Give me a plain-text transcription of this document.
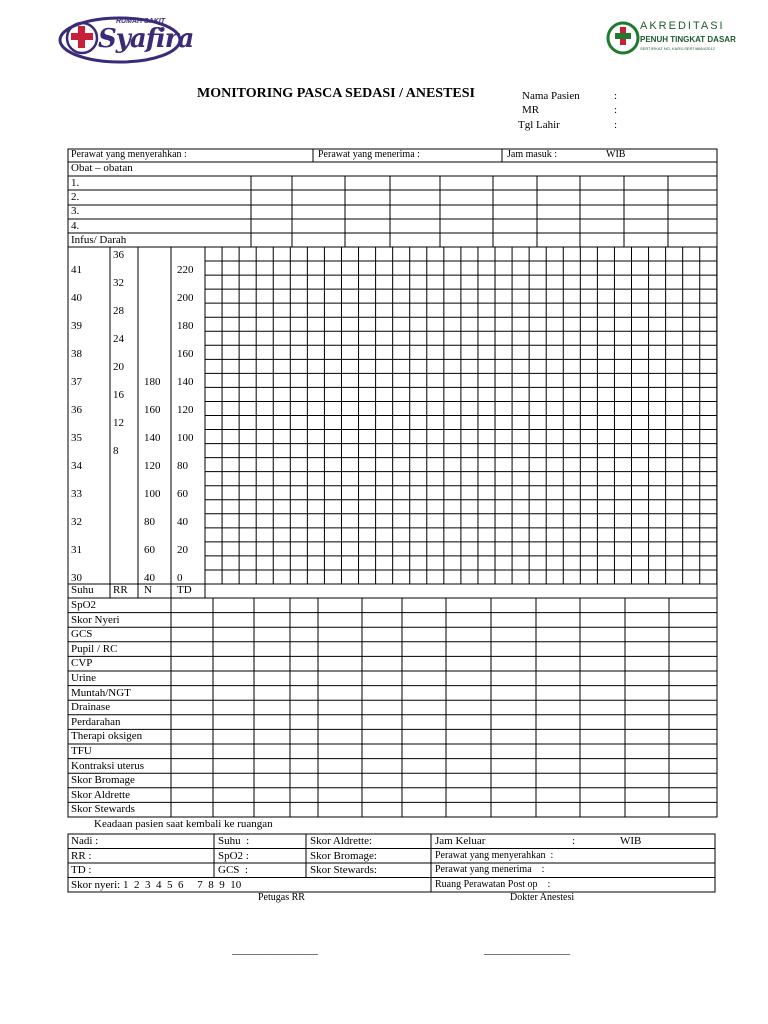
RUMAH SAKIT
Syafira	AKREDITASI
PENUH TINGKAT DASAR
SERTIFIKAT NO. KARS-SERT/668/I/2012
MONITORING PASCA SEDASI / ANESTESI	Nama Pasien	:
MR	:
Tgl Lahir	:
Perawat yang menyerahkan :	Perawat yang menerima :	Jam masuk :	WIB
Obat – obatan
1.
2.
3.
4.
Infus/ Darah
41
40
39
38
37
36
35
34
33
32
31
30
36
32
28
24
20
16
12
8
180
160
140
120
100
80
60
40
220
200
180
160
140
120
100
80
60
40
20
0
Suhu RR N TD
SpO2
Skor Nyeri
GCS
Pupil / RC
CVP
Urine
Muntah/NGT
Drainase
Perdarahan
Therapi oksigen
TFU
Kontraksi uterus
Skor Bromage
Skor Aldrette
Skor Stewards
Keadaan pasien saat kembali ke ruangan
Nadi :	Suhu  :	Skor Aldrette:	Jam Keluar	:	WIB
RR :	SpO2 :	Skor Bromage:	Perawat yang menyerahkan  :
TD :	GCS  :	Skor Stewards:	Perawat yang menerima    :
Skor nyeri: 1  2  3  4  5  6     7  8  9  10	Ruang Perawatan Post op    :
Petugas RR	Dokter Anestesi
___________________	___________________
